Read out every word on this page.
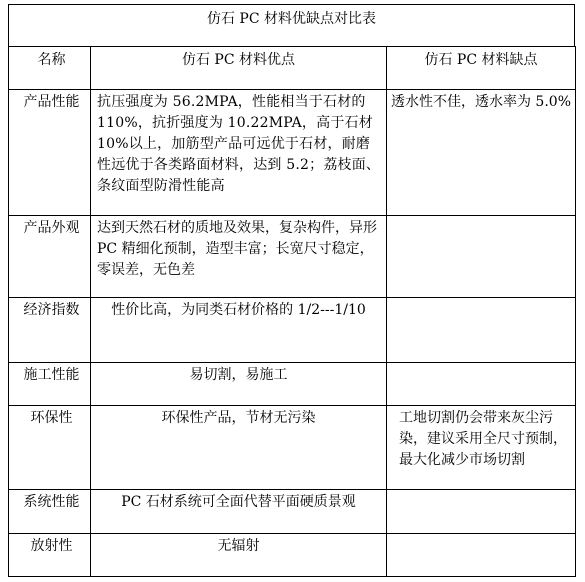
仿石 PC 材料优缺点对比表
名称	仿石 PC 材料优点	仿石 PC 材料缺点
产品性能	抗压强度为 56.2MPA，性能相当于石材的 110%，抗折强度为 10.22MPA，高于石材 10%以上，加筋型产品可远优于石材，耐磨性远优于各类路面材料，达到 5.2；荔枝面、条纹面型防滑性能高	透水性不佳，透水率为 5.0%
产品外观	达到天然石材的质地及效果，复杂构件，异形 PC 精细化预制，造型丰富；长宽尺寸稳定，零误差，无色差	
经济指数	性价比高，为同类石材价格的 1/2---1/10	
施工性能	易切割，易施工	
环保性	环保性产品，节材无污染	工地切割仍会带来灰尘污染，建议采用全尺寸预制，最大化减少市场切割
系统性能	PC 石材系统可全面代替平面硬质景观	
放射性	无辐射	
